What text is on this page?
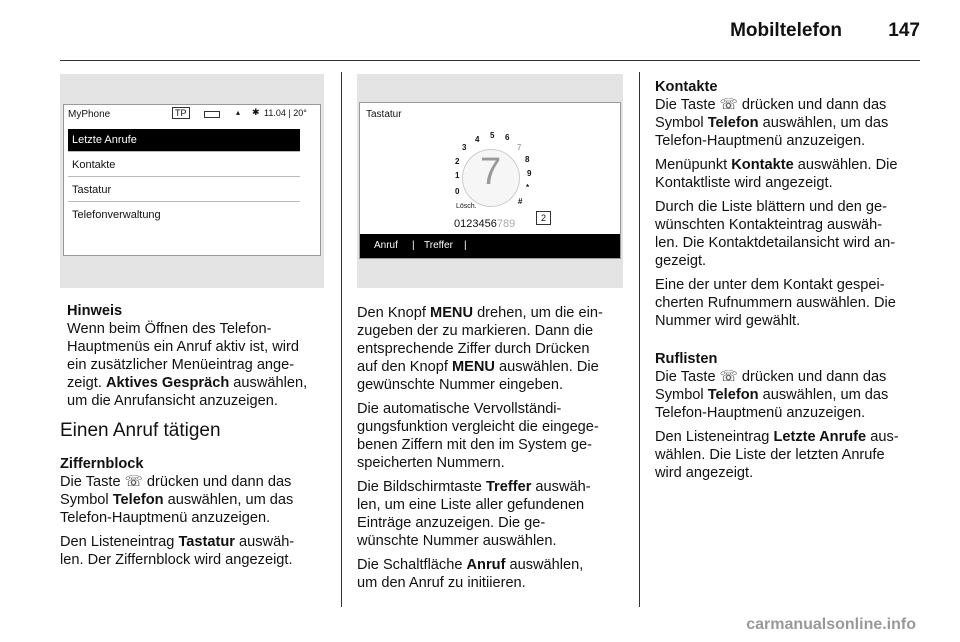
Mobiltelefon 147
MyPhone	TP	▴ ✱ 11.04 | 20°
Letzte Anrufe
Kontakte
Tastatur
Telefonverwaltung
Tastatur
7
0
1
2
3
4 5 6
7
8
9
*
#
Lösch.
0123456789	2
Anruf | Treffer |

Hinweis

Wenn beim Öffnen des Telefon-

Hauptmenüs ein Anruf aktiv ist, wird

ein zusätzlicher Menüeintrag ange-

zeigt. Aktives Gespräch auswählen,

um die Anrufansicht anzuzeigen.

Einen Anruf tätigen

Ziffernblock

Die Taste ☏ drücken und dann das

Symbol Telefon auswählen, um das

Telefon-Hauptmenü anzuzeigen.

Den Listeneintrag Tastatur auswäh-

len. Der Ziffernblock wird angezeigt.

Den Knopf MENU drehen, um die ein-

zugeben der zu markieren. Dann die

entsprechende Ziffer durch Drücken

auf den Knopf MENU auswählen. Die

gewünschte Nummer eingeben.

Die automatische Vervollständi-

gungsfunktion vergleicht die eingege-

benen Ziffern mit den im System ge-

speicherten Nummern.

Die Bildschirmtaste Treffer auswäh-

len, um eine Liste aller gefundenen

Einträge anzuzeigen. Die ge-

wünschte Nummer auswählen.

Die Schaltfläche Anruf auswählen,

um den Anruf zu initiieren.

Kontakte

Die Taste ☏ drücken und dann das

Symbol Telefon auswählen, um das

Telefon-Hauptmenü anzuzeigen.

Menüpunkt Kontakte auswählen. Die

Kontaktliste wird angezeigt.

Durch die Liste blättern und den ge-

wünschten Kontakteintrag auswäh-

len. Die Kontaktdetailansicht wird an-

gezeigt.

Eine der unter dem Kontakt gespei-

cherten Rufnummern auswählen. Die

Nummer wird gewählt.

Ruflisten

Die Taste ☏ drücken und dann das

Symbol Telefon auswählen, um das

Telefon-Hauptmenü anzuzeigen.

Den Listeneintrag Letzte Anrufe aus-

wählen. Die Liste der letzten Anrufe

wird angezeigt.

carmanualsonline.info
